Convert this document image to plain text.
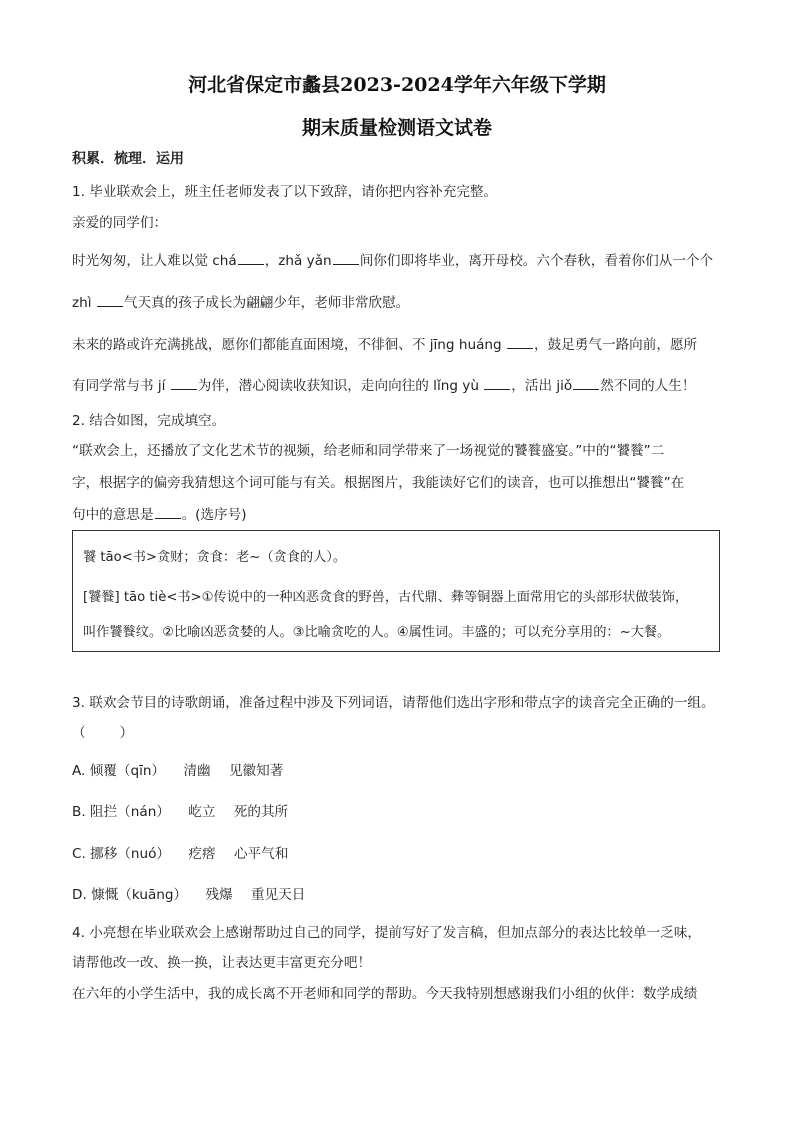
河北省保定市蠡县2023-2024学年六年级下学期
期末质量检测语文试卷
积累．梳理．运用
1. 毕业联欢会上，班主任老师发表了以下致辞，请你把内容补充完整。
亲爱的同学们：
时光匆匆，让人难以觉 chá ，zhǎ yǎn 间你们即将毕业，离开母校。六个春秋，看着你们从一个个
zhì 气天真的孩子成长为翩翩少年，老师非常欣慰。
未来的路或许充满挑战，愿你们都能直面困境，不徘徊、不 jīng huáng ，鼓足勇气一路向前，愿所
有同学常与书 jí 为伴，潜心阅读收获知识，走向向往的 lǐng yù ，活出 jiǒ 然不同的人生！
2. 结合如图，完成填空。
“联欢会上，还播放了文化艺术节的视频，给老师和同学带来了一场视觉的饕餮盛宴。”中的“饕餮”二
字，根据字的偏旁我猜想这个词可能与有关。根据图片，我能读好它们的读音，也可以推想出“饕餮”在
句中的意思是 。(选序号)
饕 tāo<书>贪财；贪食：老~（贪食的人）。
[饕餮] tāo tiè<书>①传说中的一种凶恶贪食的野兽，古代鼎、彝等铜器上面常用它的头部形状做装饰，
叫作饕餮纹。②比喻凶恶贪婪的人。③比喻贪吃的人。④属性词。丰盛的；可以充分享用的：~大餐。
3. 联欢会节目的诗歌朗诵，准备过程中涉及下列词语，请帮他们选出字形和带点字的读音完全正确的一组。
（	）
A. 倾覆（qīn） 清幽 见徽知著
B. 阻拦（nán） 屹立 死的其所
C. 挪移（nuó） 疙瘩 心平气和
D. 慷慨（kuāng） 残爆 重见天日
4. 小亮想在毕业联欢会上感谢帮助过自己的同学，提前写好了发言稿，但加点部分的表达比较单一乏味，
请帮他改一改、换一换，让表达更丰富更充分吧！
在六年的小学生活中，我的成长离不开老师和同学的帮助。今天我特别想感谢我们小组的伙伴：数学成绩
